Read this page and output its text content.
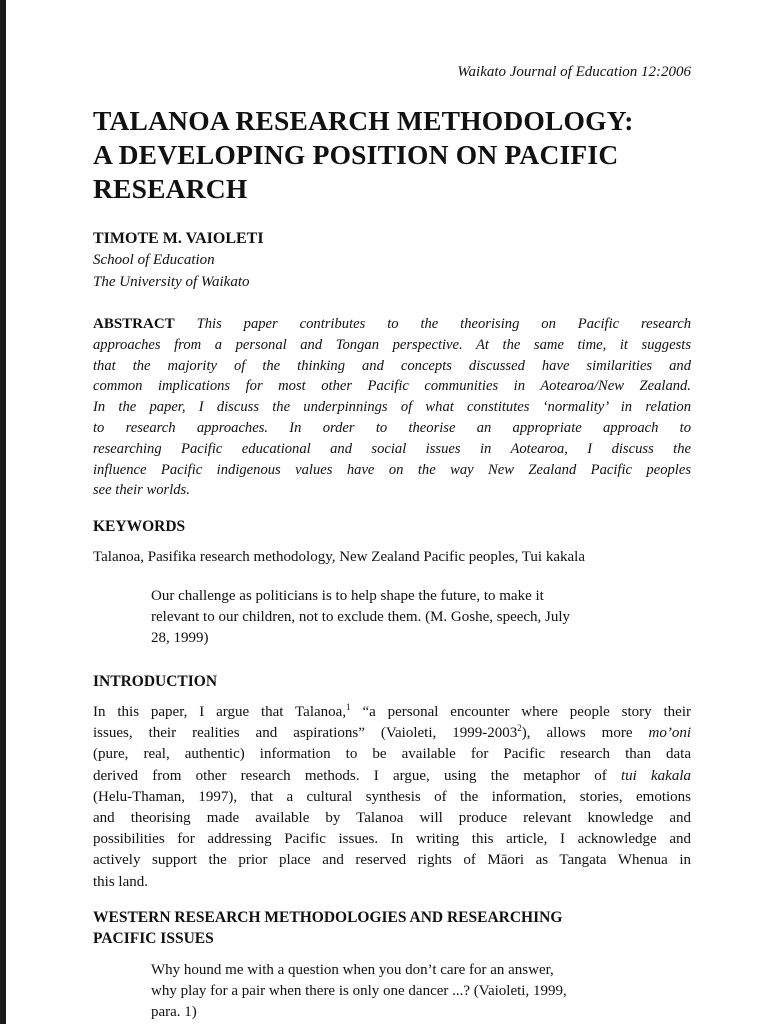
Waikato Journal of Education 12:2006
TALANOA RESEARCH METHODOLOGY:
A DEVELOPING POSITION ON PACIFIC
RESEARCH
TIMOTE M. VAIOLETI
School of Education
The University of Waikato
ABSTRACT This paper contributes to the theorising on Pacific research
approaches from a personal and Tongan perspective. At the same time, it suggests
that the majority of the thinking and concepts discussed have similarities and
common implications for most other Pacific communities in Aotearoa/New Zealand.
In the paper, I discuss the underpinnings of what constitutes ‘normality’ in relation
to research approaches. In order to theorise an appropriate approach to
researching Pacific educational and social issues in Aotearoa, I discuss the
influence Pacific indigenous values have on the way New Zealand Pacific peoples
see their worlds.
KEYWORDS
Talanoa, Pasifika research methodology, New Zealand Pacific peoples, Tui kakala
Our challenge as politicians is to help shape the future, to make it
relevant to our children, not to exclude them. (M. Goshe, speech, July
28, 1999)
INTRODUCTION
In this paper, I argue that Talanoa,$^1$ “a personal encounter where people story their
issues, their realities and aspirations” (Vaioleti, 1999-2003$^2$), allows more mo’oni
(pure, real, authentic) information to be available for Pacific research than data
derived from other research methods. I argue, using the metaphor of tui kakala
(Helu-Thaman, 1997), that a cultural synthesis of the information, stories, emotions
and theorising made available by Talanoa will produce relevant knowledge and
possibilities for addressing Pacific issues. In writing this article, I acknowledge and
actively support the prior place and reserved rights of Māori as Tangata Whenua in
this land.
WESTERN RESEARCH METHODOLOGIES AND RESEARCHING
PACIFIC ISSUES
Why hound me with a question when you don’t care for an answer,
why play for a pair when there is only one dancer ...? (Vaioleti, 1999,
para. 1)
